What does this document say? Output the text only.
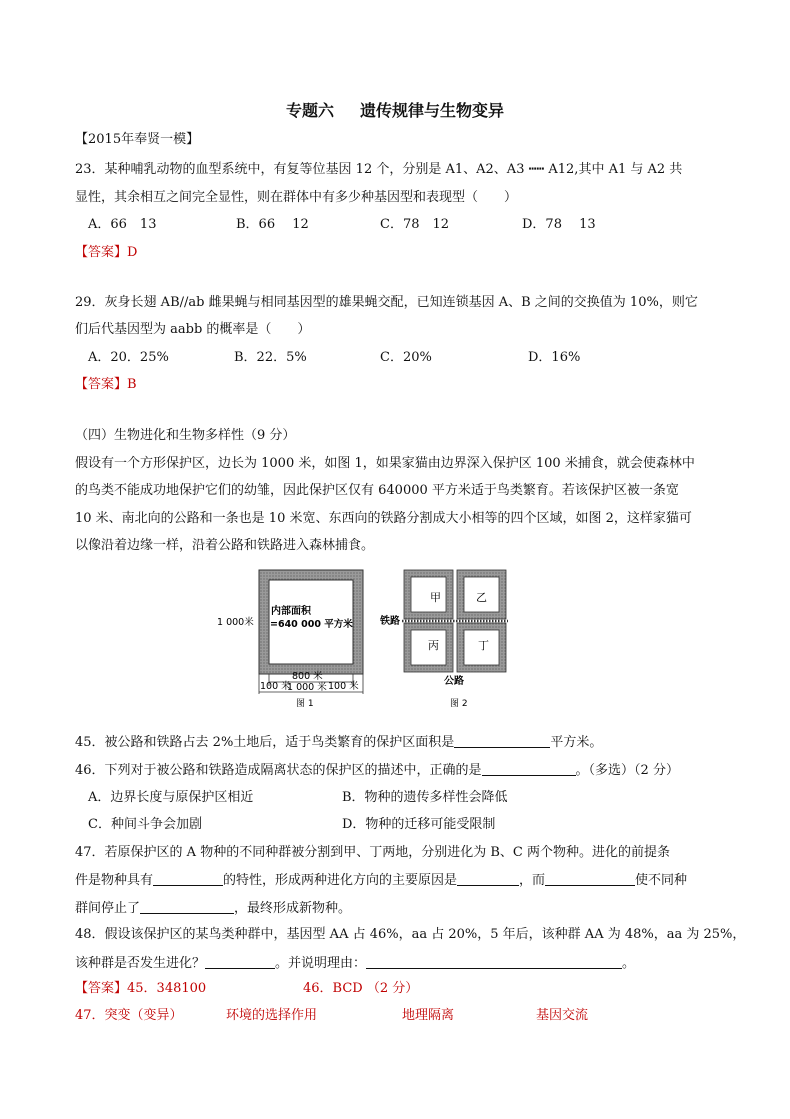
专题六 遗传规律与生物变异
【2015年奉贤一模】
23．某种哺乳动物的血型系统中，有复等位基因 12 个，分别是 A1、A2、A3 ┅┅ A12,其中 A1 与 A2 共
显性，其余相互之间完全显性，则在群体中有多少种基因型和表现型（　　）
A．66　13	B．66　 12	C．78　12	D．78　 13
【答案】D
29．灰身长翅 AB//ab 雌果蝇与相同基因型的雄果蝇交配，已知连锁基因 A、B 之间的交换值为 10%，则它
们后代基因型为 aabb 的概率是（　　）
A．20．25%	B．22．5%	C．20%	D．16%
【答案】B
（四）生物进化和生物多样性（9 分）
假设有一个方形保护区，边长为 1000 米，如图 1，如果家猫由边界深入保护区 100 米捕食，就会使森林中
的鸟类不能成功地保护它们的幼雏，因此保护区仅有 640000 平方米适于鸟类繁育。若该保护区被一条宽
10 米、南北向的公路和一条也是 10 米宽、东西向的铁路分割成大小相等的四个区域，如图 2，这样家猫可
以像沿着边缘一样，沿着公路和铁路进入森林捕食。
内部面积
=640 000 平方米
1 000米
800 米
100 米	100 米
1 000 米
图 1
甲	乙
丙	丁
铁路
公路
图 2
45．被公路和铁路占去 2%土地后，适于鸟类繁育的保护区面积是	平方米。
46．下列对于被公路和铁路造成隔离状态的保护区的描述中，正确的是	。（多选）（2 分）
A．边界长度与原保护区相近	B．物种的遗传多样性会降低
C．种间斗争会加剧	D．物种的迁移可能受限制
47．若原保护区的 A 物种的不同种群被分割到甲、丁两地，分别进化为 B、C 两个物种。进化的前提条
件是物种具有	的特性，形成两种进化方向的主要原因是	，而	使不同种
群间停止了	，最终形成新物种。
48．假设该保护区的某鸟类种群中，基因型 AA 占 46%，aa 占 20%，5 年后，该种群 AA 为 48%，aa 为 25%，
该种群是否发生进化？	。并说明理由：	。
【答案】45．348100	46．BCD （2 分）
47．突变（变异）	环境的选择作用	地理隔离	基因交流
